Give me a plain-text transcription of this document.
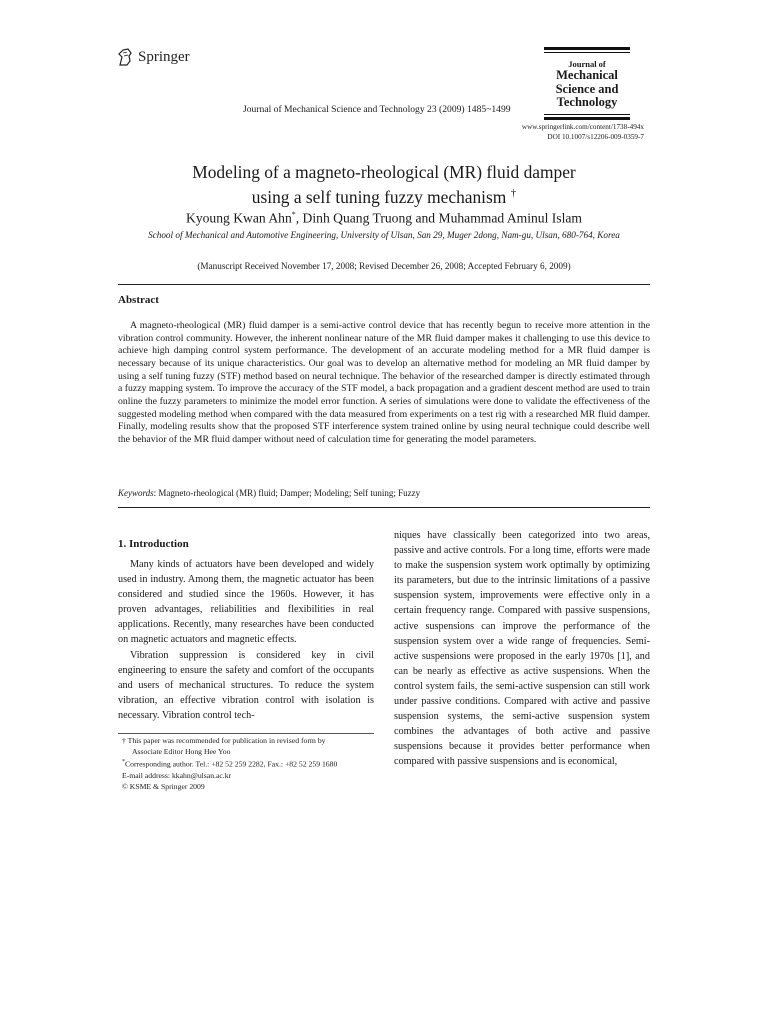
Springer
Journal of Mechanical Science and Technology 23 (2009) 1485~1499
Journal of
Mechanical
Science and
Technology
www.springerlink.com/content/1738-494x
DOI 10.1007/s12206-009-0359-7
Modeling of a magneto-rheological (MR) fluid damper
using a self tuning fuzzy mechanism †
Kyoung Kwan Ahn*, Dinh Quang Truong and Muhammad Aminul Islam
School of Mechanical and Automotive Engineering, University of Ulsan, San 29, Muger 2dong, Nam-gu, Ulsan, 680-764, Korea
(Manuscript Received November 17, 2008; Revised December 26, 2008; Accepted February 6, 2009)
Abstract
A magneto-rheological (MR) fluid damper is a semi-active control device that has recently begun to receive more attention in the vibration control community. However, the inherent nonlinear nature of the MR fluid damper makes it challenging to use this device to achieve high damping control system performance. The development of an accurate modeling method for a MR fluid damper is necessary because of its unique characteristics. Our goal was to develop an alternative method for modeling an MR fluid damper by using a self tuning fuzzy (STF) method based on neural technique. The behavior of the researched damper is directly estimated through a fuzzy mapping system. To improve the accuracy of the STF model, a back propagation and a gradient descent method are used to train online the fuzzy parameters to minimize the model error function. A series of simulations were done to validate the effectiveness of the suggested modeling method when compared with the data measured from experiments on a test rig with a researched MR fluid damper. Finally, modeling results show that the proposed STF interference system trained online by using neural technique could describe well the behavior of the MR fluid damper without need of calculation time for generating the model parameters.
Keywords: Magneto-rheological (MR) fluid; Damper; Modeling; Self tuning; Fuzzy
1. Introduction

Many kinds of actuators have been developed and widely used in industry. Among them, the magnetic actuator has been considered and studied since the 1960s. However, it has proven advantages, reliabilities and flexibilities in real applications. Recently, many researches have been conducted on magnetic actuators and magnetic effects.

Vibration suppression is considered key in civil engineering to ensure the safety and comfort of the occupants and users of mechanical structures. To reduce the system vibration, an effective vibration control with isolation is necessary. Vibration control tech-

† This paper was recommended for publication in revised form by

Associate Editor Hong Hee Yoo

*Corresponding author. Tel.: +82 52 259 2282, Fax.: +82 52 259 1680

E-mail address: kkahn@ulsan.ac.kr

© KSME & Springer 2009

niques have classically been categorized into two areas, passive and active controls. For a long time, efforts were made to make the suspension system work optimally by optimizing its parameters, but due to the intrinsic limitations of a passive suspension system, improvements were effective only in a certain frequency range. Compared with passive suspensions, active suspensions can improve the performance of the suspension system over a wide range of frequencies. Semi-active suspensions were proposed in the early 1970s [1], and can be nearly as effective as active suspensions. When the control system fails, the semi-active suspension can still work under passive conditions. Compared with active and passive suspension systems, the semi-active suspension system combines the advantages of both active and passive suspensions because it provides better performance when compared with passive suspensions and is economical,
